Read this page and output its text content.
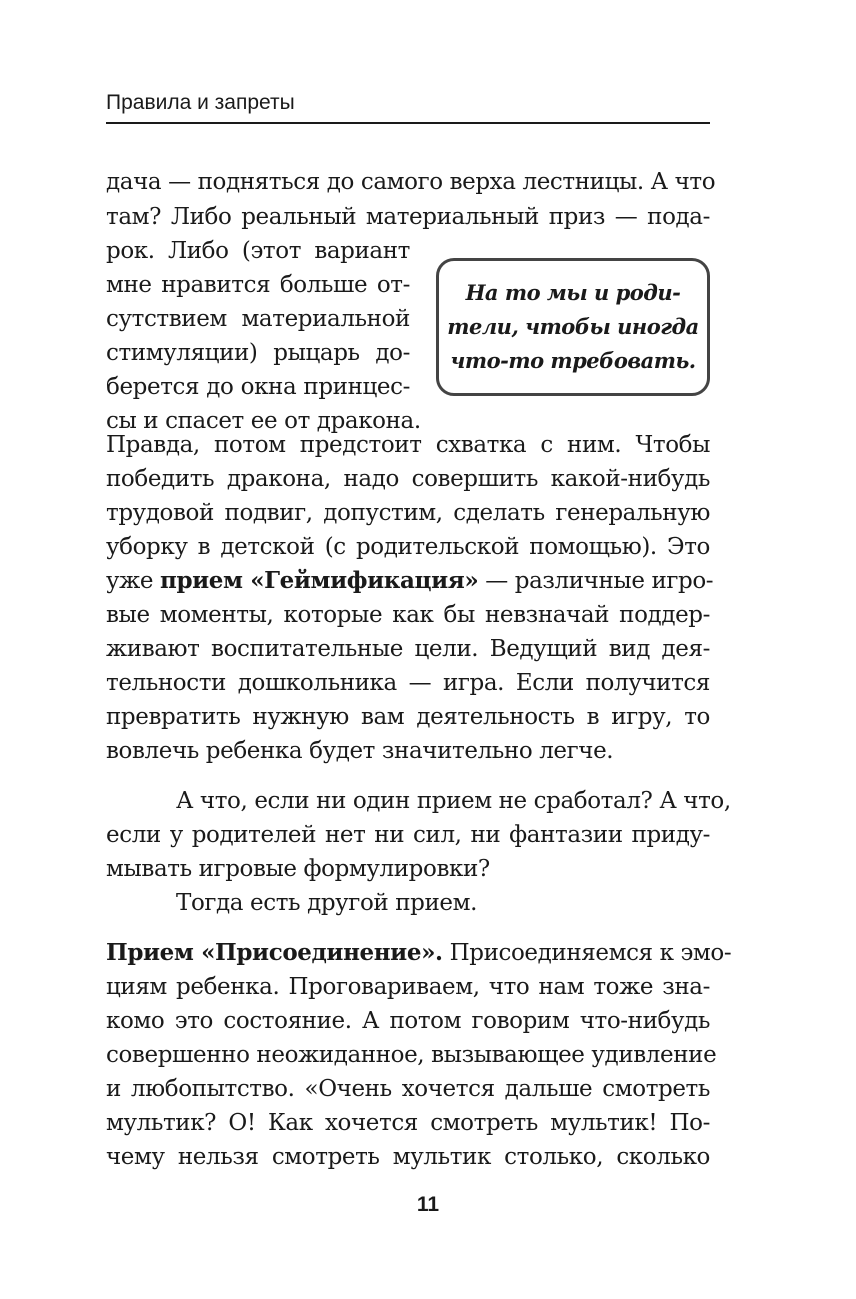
Правила и запреты
дача — подняться до самого верха лестницы. А что
там? Либо реальный материальный приз — пода-
рок. Либо (этот вариант
мне нравится больше от-
сутствием материальной
стимуляции) рыцарь до-
берется до окна принцес-
сы и спасет ее от дракона.
На то мы и роди-
тели, чтобы иногда
что-то требовать.
Правда, потом предстоит схватка с ним. Чтобы
победить дракона, надо совершить какой-нибудь
трудовой подвиг, допустим, сделать генеральную
уборку в детской (с родительской помощью). Это
уже прием «Геймификация» — различные игро-
вые моменты, которые как бы невзначай поддер-
живают воспитательные цели. Ведущий вид дея-
тельности дошкольника — игра. Если получится
превратить нужную вам деятельность в игру, то
вовлечь ребенка будет значительно легче.
А что, если ни один прием не сработал? А что,
если у родителей нет ни сил, ни фантазии приду-
мывать игровые формулировки?
Тогда есть другой прием.
Прием «Присоединение». Присоединяемся к эмо-
циям ребенка. Проговариваем, что нам тоже зна-
комо это состояние. А потом говорим что-нибудь
совершенно неожиданное, вызывающее удивление
и любопытство. «Очень хочется дальше смотреть
мультик? О! Как хочется смотреть мультик! По-
чему нельзя смотреть мультик столько, сколько
11
